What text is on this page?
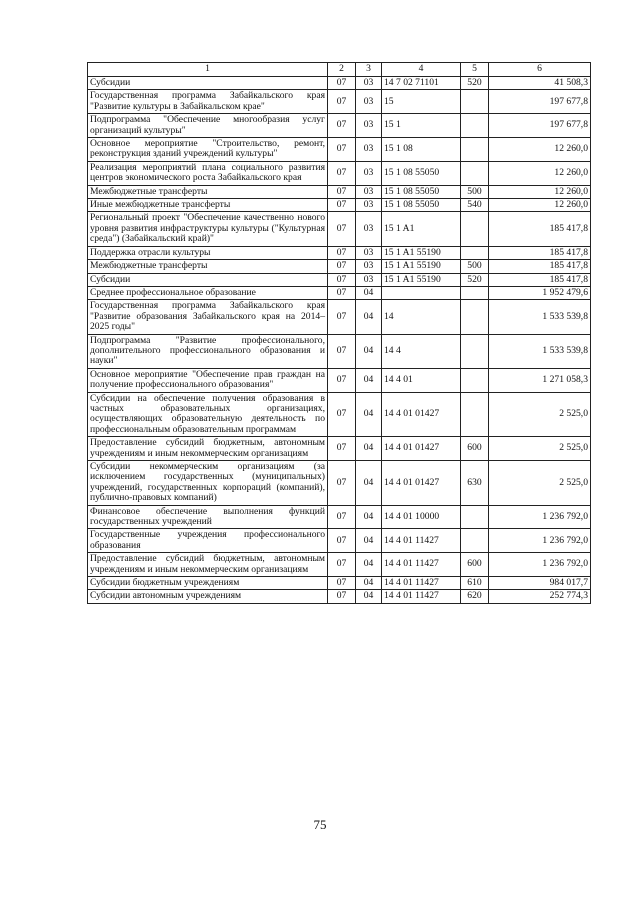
1	2	3	4	5	6
Субсидии	07	03	14 7 02 71101	520	41 508,3
Государственная программа Забайкальского края "Развитие культуры в Забайкальском крае"	07	03	15		197 677,8
Подпрограмма "Обеспечение многообразия услуг организаций культуры"	07	03	15 1		197 677,8
Основное мероприятие "Строительство, ремонт, реконструкция зданий учреждений культуры"	07	03	15 1 08		12 260,0
Реализация мероприятий плана социального развития центров экономического роста Забайкальского края	07	03	15 1 08 55050		12 260,0
Межбюджетные трансферты	07	03	15 1 08 55050	500	12 260,0
Иные межбюджетные трансферты	07	03	15 1 08 55050	540	12 260,0
Региональный проект "Обеспечение качественно нового уровня развития инфраструктуры культуры ("Культурная среда") (Забайкальский край)"	07	03	15 1 A1		185 417,8
Поддержка отрасли культуры	07	03	15 1 A1 55190		185 417,8
Межбюджетные трансферты	07	03	15 1 A1 55190	500	185 417,8
Субсидии	07	03	15 1 A1 55190	520	185 417,8
Среднее профессиональное образование	07	04			1 952 479,6
Государственная программа Забайкальского края "Развитие образования Забайкальского края на 2014–2025 годы"	07	04	14		1 533 539,8
Подпрограмма "Развитие профессионального, дополнительного профессионального образования и науки"	07	04	14 4		1 533 539,8
Основное мероприятие "Обеспечение прав граждан на получение профессионального образования"	07	04	14 4 01		1 271 058,3
Субсидии на обеспечение получения образования в частных образовательных организациях, осуществляющих образовательную деятельность по профессиональным образовательным программам	07	04	14 4 01 01427		2 525,0
Предоставление субсидий бюджетным, автономным учреждениям и иным некоммерческим организациям	07	04	14 4 01 01427	600	2 525,0
Субсидии некоммерческим организациям (за исключением государственных (муниципальных) учреждений, государственных корпораций (компаний), публично-правовых компаний)	07	04	14 4 01 01427	630	2 525,0
Финансовое обеспечение выполнения функций государственных учреждений	07	04	14 4 01 10000		1 236 792,0
Государственные учреждения профессионального образования	07	04	14 4 01 11427		1 236 792,0
Предоставление субсидий бюджетным, автономным учреждениям и иным некоммерческим организациям	07	04	14 4 01 11427	600	1 236 792,0
Субсидии бюджетным учреждениям	07	04	14 4 01 11427	610	984 017,7
Субсидии автономным учреждениям	07	04	14 4 01 11427	620	252 774,3
75
